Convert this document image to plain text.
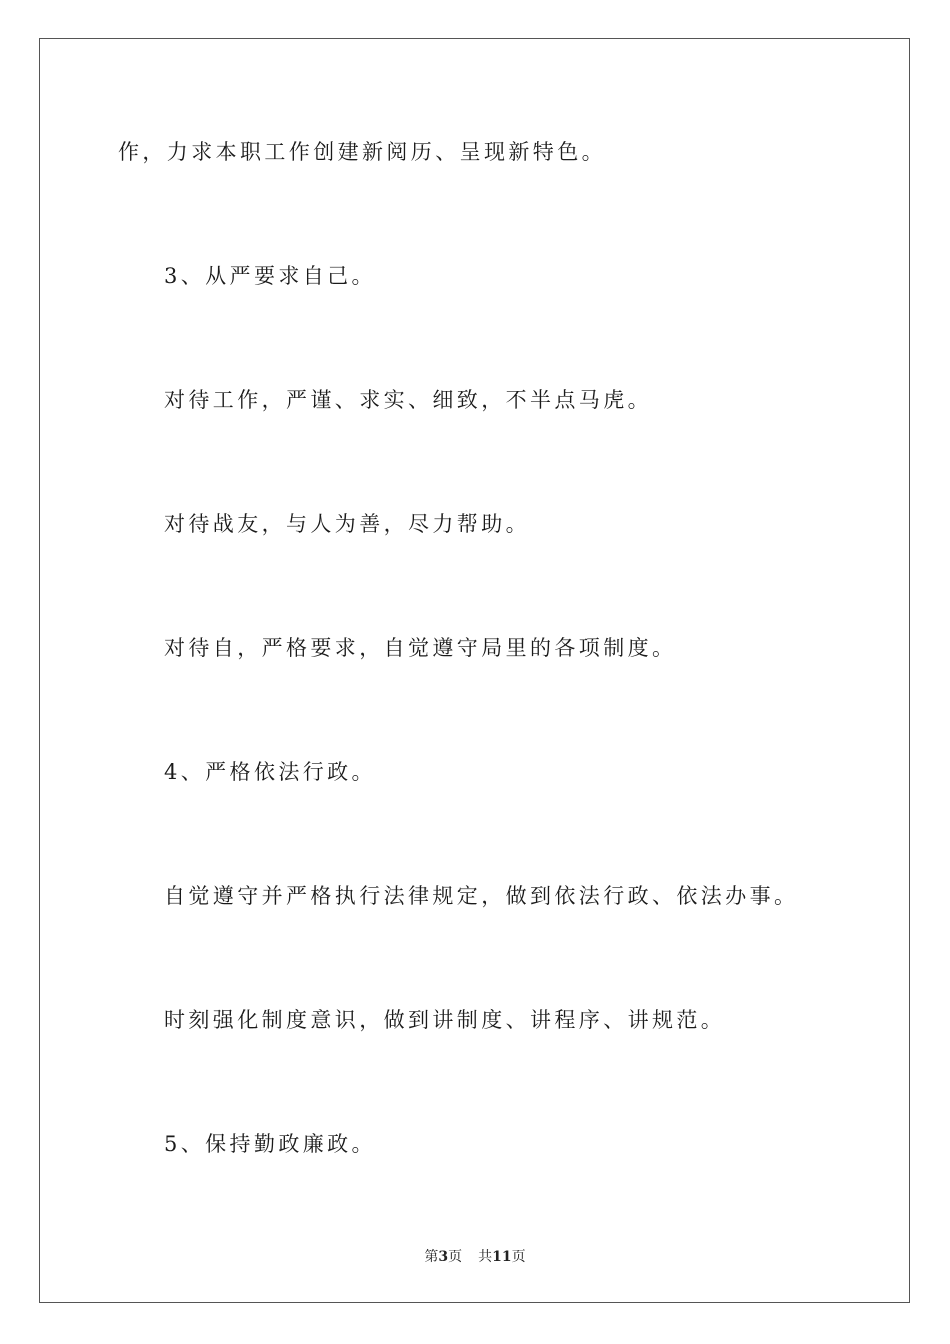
作，力求本职工作创建新阅历、呈现新特色。
3、从严要求自己。
对待工作，严谨、求实、细致，不半点马虎。
对待战友，与人为善，尽力帮助。
对待自，严格要求，自觉遵守局里的各项制度。
4、严格依法行政。
自觉遵守并严格执行法律规定，做到依法行政、依法办事。
时刻强化制度意识，做到讲制度、讲程序、讲规范。
5、保持勤政廉政。
第3页 共11页
